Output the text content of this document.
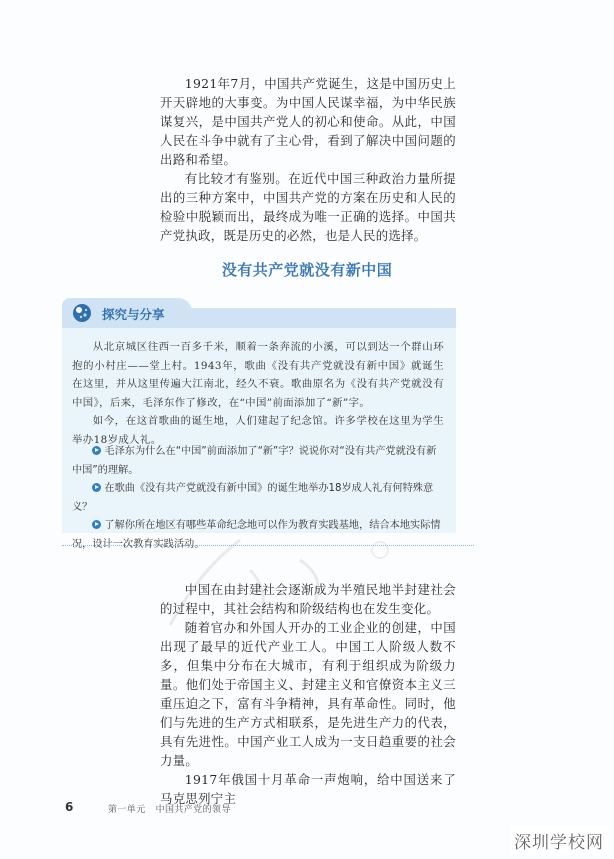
1921年7月，中国共产党诞生，这是中国历史上开天辟地的大事变。为中国人民谋幸福，为中华民族谋复兴，是中国共产党人的初心和使命。从此，中国人民在斗争中就有了主心骨，看到了解决中国问题的出路和希望。

有比较才有鉴别。在近代中国三种政治力量所提出的三种方案中，中国共产党的方案在历史和人民的检验中脱颖而出，最终成为唯一正确的选择。中国共产党执政，既是历史的必然，也是人民的选择。

没有共产党就没有新中国
探究与分享

从北京城区往西一百多千米，顺着一条奔流的小溪，可以到达一个群山环抱的小村庄——堂上村。1943年，歌曲《没有共产党就没有新中国》就诞生在这里，并从这里传遍大江南北，经久不衰。歌曲原名为《没有共产党就没有中国》，后来，毛泽东作了修改，在“中国”前面添加了“新”字。

如今，在这首歌曲的诞生地，人们建起了纪念馆。许多学校在这里为学生举办18岁成人礼。

毛泽东为什么在“中国”前面添加了“新”字？说说你对“没有共产党就没有新中国”的理解。

在歌曲《没有共产党就没有新中国》的诞生地举办18岁成人礼有何特殊意义？

了解你所在地区有哪些革命纪念地可以作为教育实践基地，结合本地实际情况，设计一次教育实践活动。

中国在由封建社会逐渐成为半殖民地半封建社会的过程中，其社会结构和阶级结构也在发生变化。

随着官办和外国人开办的工业企业的创建，中国出现了最早的近代产业工人。中国工人阶级人数不多，但集中分布在大城市，有利于组织成为阶级力量。他们处于帝国主义、封建主义和官僚资本主义三重压迫之下，富有斗争精神，具有革命性。同时，他们与先进的生产方式相联系，是先进生产力的代表，具有先进性。中国产业工人成为一支日趋重要的社会力量。

1917年俄国十月革命一声炮响，给中国送来了马克思列宁主

6	第一单元 中国共产党的领导
深圳学校网
